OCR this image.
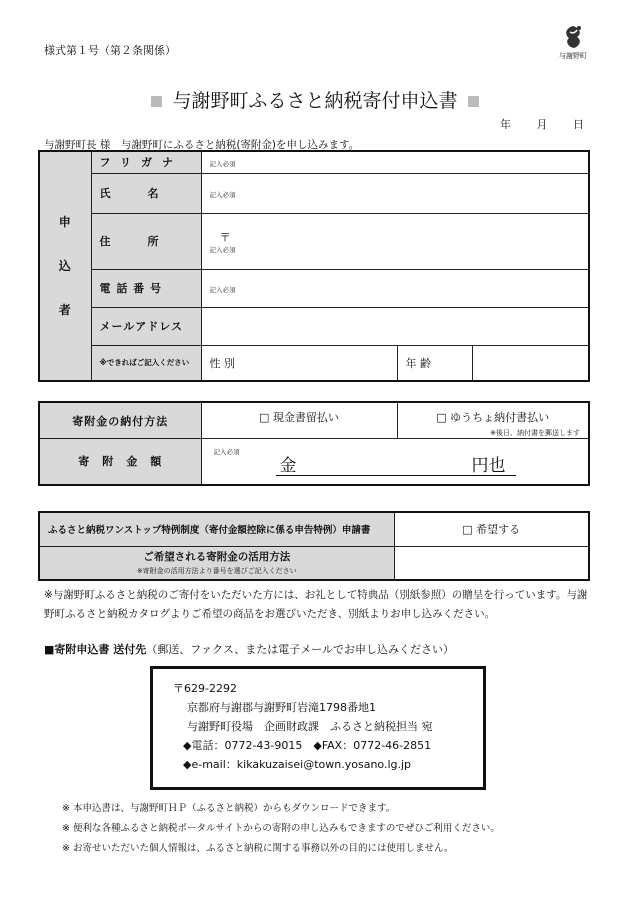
様式第１号（第２条関係）	与謝野町
与謝野町ふるさと納税寄付申込書
年 月 日
与謝野町長 様　与謝野町にふるさと納税(寄附金)を申し込みます。
申
込
者	フリガナ	記入必須		
	氏　　　名	記入必須		
	住　　　所	〒
記入必須		

	電 話 番 号	記入必須		
	メールアドレス			
	※できればご記入ください	性 別	年 齢	
寄附金の納付方法	□ 現金書留払い	□ ゆうちょ納付書払い
※後日、納付書を郵送します

寄　附　金　額	記入必須
金 円也	
ふるさと納税ワンストップ特例制度（寄付金額控除に係る申告特例）申請書	□ 希望する

ご希望される寄附金の活用方法
※寄附金の活用方法より番号を選びご記入ください	

※与謝野町ふるさと納税のご寄付をいただいた方には、お礼として特典品（別紙参照）の贈呈を行っています。与謝
野町ふるさと納税カタログよりご希望の商品をお選びいただき、別紙よりお申し込みください。
■寄附申込書 送付先（郵送、ファクス、または電子メールでお申し込みください）
〒629-2292
京都府与謝郡与謝野町岩滝1798番地1
与謝野町役場　企画財政課　ふるさと納税担当 宛
◆電話：0772-43-9015　◆FAX：0772-46-2851
◆e-mail：kikakuzaisei@town.yosano.lg.jp
※ 本申込書は、与謝野町ＨＰ（ふるさと納税）からもダウンロードできます。
※ 便利な各種ふるさと納税ポータルサイトからの寄附の申し込みもできますのでぜひご利用ください。
※ お寄せいただいた個人情報は、ふるさと納税に関する事務以外の目的には使用しません。
